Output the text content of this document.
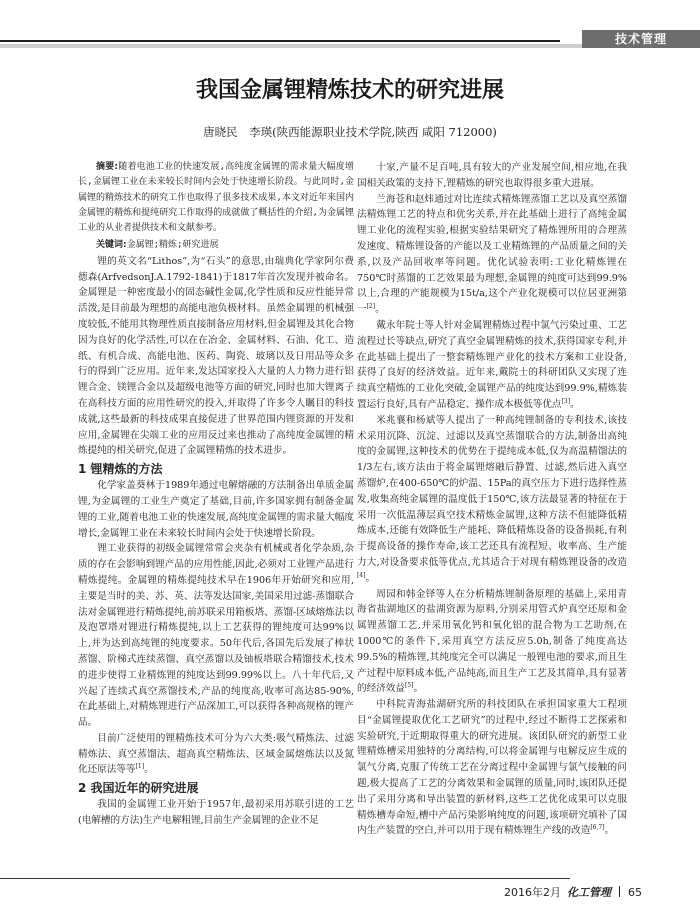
技术管理
我国金属锂精炼技术的研究进展
唐晓民　李瑛(陕西能源职业技术学院,陕西 咸阳 712000)

摘要:随着电池工业的快速发展,高纯度金属锂的需求量大幅度增长,金属锂工业在未来较长时间内会处于快速增长阶段。与此同时,金属锂的精炼技术的研究工作也取得了很多技术成果,本文对近年来国内金属锂的精炼和提纯研究工作取得的成就做了概括性的介绍,为金属锂工业的从业者提供技术和文献参考。

关键词:金属锂;精炼;研究进展

锂的英文名“Lithos”,为“石头”的意思,由瑞典化学家阿尔费德森(ArfvedsonJ.A.1792-1841)于1817年首次发现并被命名。金属锂是一种密度最小的固态碱性金属,化学性质和反应性能异常活泼,是目前最为理想的高能电池负极材料。虽然金属锂的机械强度较低,不能用其物理性质直接制备应用材料,但金属锂及其化合物因为良好的化学活性,可以在在冶金、金属材料、石油、化工、造纸、有机合成、高能电池、医药、陶瓷、玻璃以及日用品等众多行的得到广泛应用。近年来,发达国家投入大量的人力物力进行铝锂合金、镁锂合金以及超级电池等方面的研究,同时也加大锂离子在高科技方面的应用性研究的投入,并取得了许多令人瞩目的科技成就,这些最新的科技成果直接促进了世界范围内锂资源的开发和应用,金属锂在尖端工业的应用反过来也推动了高纯度金属锂的精炼提纯的相关研究,促进了金属锂精炼的技术进步。

1 锂精炼的方法

化学家盖葵林于1989年通过电解熔融的方法制备出单质金属锂,为金属锂的工业生产奠定了基础,目前,许多国家拥有制备金属锂的工业,随着电池工业的快速发展,高纯度金属锂的需求量大幅度增长,金属锂工业在未来较长时间内会处于快速增长阶段。

锂工业获得的初级金属锂常常会夹杂有机械或者化学杂质,杂质的存在会影响到锂产品的应用性能,因此,必须对工业锂产品进行精炼提纯。金属锂的精炼提纯技术早在1906年开始研究和应用,主要是当时的美、苏、英、法等发达国家,美国采用过滤-蒸馏联合法对金属锂进行精炼提纯,前苏联采用箱板塔、蒸馏-区域熔炼法以及泡罩塔对锂进行精炼提纯,以上工艺获得的锂纯度可达99%以上,并为达到高纯锂的纯度要求。50年代后,各国先后发展了棒状蒸馏、阶梯式连续蒸馏、真空蒸馏以及铀板塔联合精馏技术,技术的进步使得工业精炼锂的纯度达到99.99%以上。八十年代后,又兴起了连续式真空蒸馏技术,产品的纯度高,收率可高达85-90%,在此基础上,对精炼锂进行产品深加工,可以获得各种高规格的锂产品。

目前广泛使用的锂精炼技术可分为六大类:吸气精炼法、过滤精炼法、真空蒸馏法、超高真空精炼法、区域金属熔炼法以及氮化还原法等等[1]。

2 我国近年的研究进展

我国的金属锂工业开始于1957年,最初采用苏联引进的工艺(电解槽的方法)生产电解粗锂,目前生产金属锂的企业不足

十家,产量不足百吨,具有较大的产业发展空间,相应地,在我国相关政策的支持下,锂精炼的研究也取得很多重大进展。

兰海苍和赵炜通过对比连续式精炼锂蒸馏工艺以及真空蒸馏法精炼锂工艺的特点和优劣关系,并在此基础上进行了高纯金属锂工业化的流程实验,根据实验结果研究了精炼锂所用的合理蒸发速度、精炼锂设备的产能以及工业精炼锂的产品质量之间的关系,以及产品回收率等问题。优化试验表明:工业化精炼锂在750℃时蒸馏的工艺效果最为理想,金属锂的纯度可达到99.9%以上,合理的产能规模为15t/a,这个产业化规模可以位居亚洲第一[2]。

戴永年院士等人针对金属锂精炼过程中氯气污染过重、工艺流程过长等缺点,研究了真空金属锂精炼的技术,获得国家专利,并在此基础上提出了一整套精炼锂产业化的技术方案和工业设备,获得了良好的经济效益。近年来,戴院士的科研团队又实现了连续真空精炼的工业化突破,金属锂产品的纯度达到99.9%,精炼装置运行良好,具有产品稳定、操作成本极低等优点[3]。

米兆襄和杨斌等人提出了一种高纯锂制备的专利技术,该技术采用沉降、沉淀、过滤以及真空蒸馏联合的方法,制备出高纯度的金属锂,这种技术的优势在于提纯成本低,仅为高温精馏法的1/3左右,该方法由于将金属锂熔融后静置、过滤,然后进入真空蒸馏炉,在400-650℃的炉温、15Pa的真空压力下进行选择性蒸发,收集高纯金属锂的温度低于150℃,该方法最显著的特征在于采用一次低温薄层真空技术精炼金属锂,这种方法不但能降低精炼成本,还能有效降低生产能耗、降低精炼设备的设备损耗,有利于提高设备的操作寿命,该工艺还具有流程短、收率高、生产能力大,对设备要求低等优点,尤其适合于对现有精炼锂设备的改造[4]。

周园和韩金铎等人在分析精炼锂制备原理的基础上,采用青海省盐湖地区的盐湖资源为原料,分别采用管式炉真空还原和金属锂蒸馏工艺,并采用氧化钙和氧化铝的混合物为工艺助剂,在1000℃的条件下,采用真空方法反应5.0h,制备了纯度高达99.5%的精炼锂,其纯度完全可以满足一般锂电池的要求,而且生产过程中原料成本低,产品纯高,而且生产工艺及其简单,具有显著的经济效益[5]。

中科院青海盐湖研究所的科技团队在承担国家重大工程项目“金属锂提取优化工艺研究”的过程中,经过不断得工艺探索和实验研究,于近期取得重大的研究进展。该团队研究的新型工业锂精炼槽采用独特的分离结构,可以将金属锂与电解反应生成的氯气分离,克服了传统工艺在分离过程中金属锂与氯气接触的问题,极大提高了工艺的分离效果和金属锂的质量,同时,该团队还提出了采用分离和导出装置的新材料,这些工艺优化成果可以克服精炼槽寿命短,槽中产品污染影响纯度的问题,该项研究填补了国内生产装置的空白,并可以用于现有精炼锂生产线的改造[6,7]。

2016年2月 化工管理 65
